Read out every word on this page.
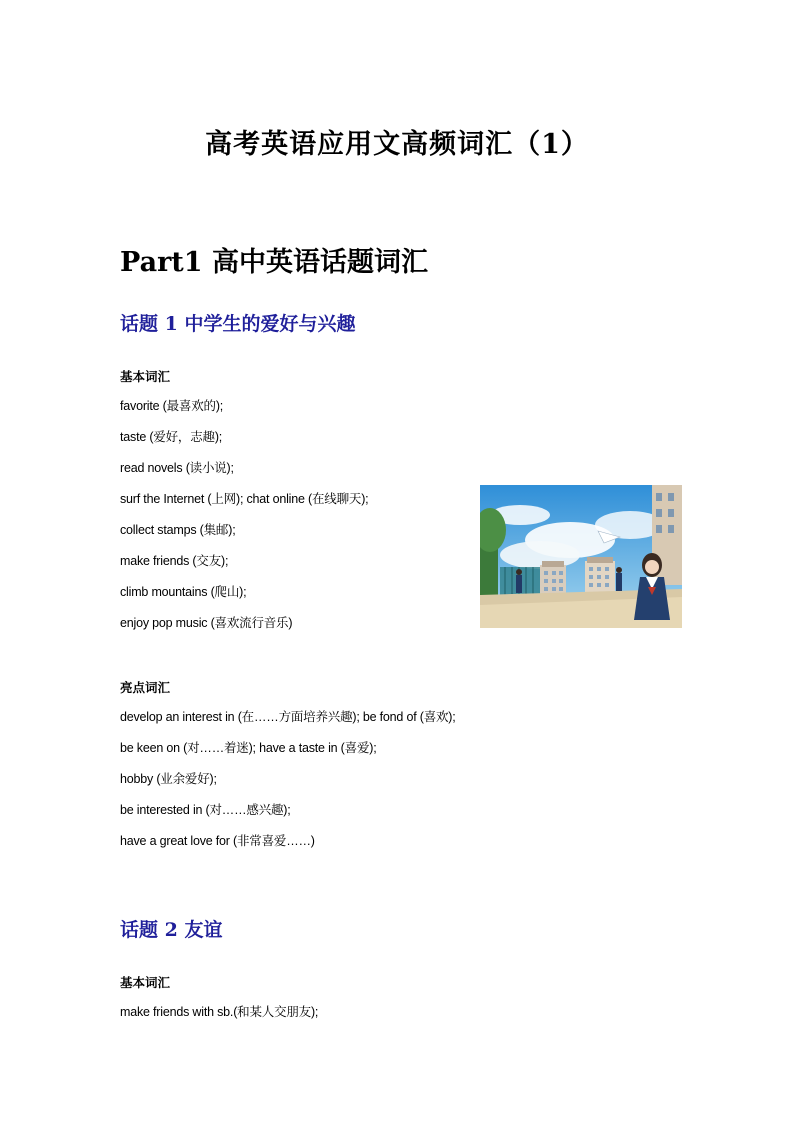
高考英语应用文高频词汇（1）
Part1 高中英语话题词汇
话题 1 中学生的爱好与兴趣
基本词汇
favorite (最喜欢的);
taste (爱好，志趣);
read novels (读小说);
surf the Internet (上网); chat online (在线聊天);
collect stamps (集邮);
make friends (交友);
climb mountains (爬山);
enjoy pop music (喜欢流行音乐)
亮点词汇
develop an interest in (在……方面培养兴趣); be fond of (喜欢);
be keen on (对……着迷); have a taste in (喜爱);
hobby (业余爱好);
be interested in (对……感兴趣);
have a great love for (非常喜爱……)
话题 2 友谊
基本词汇
make friends with sb.(和某人交朋友);
